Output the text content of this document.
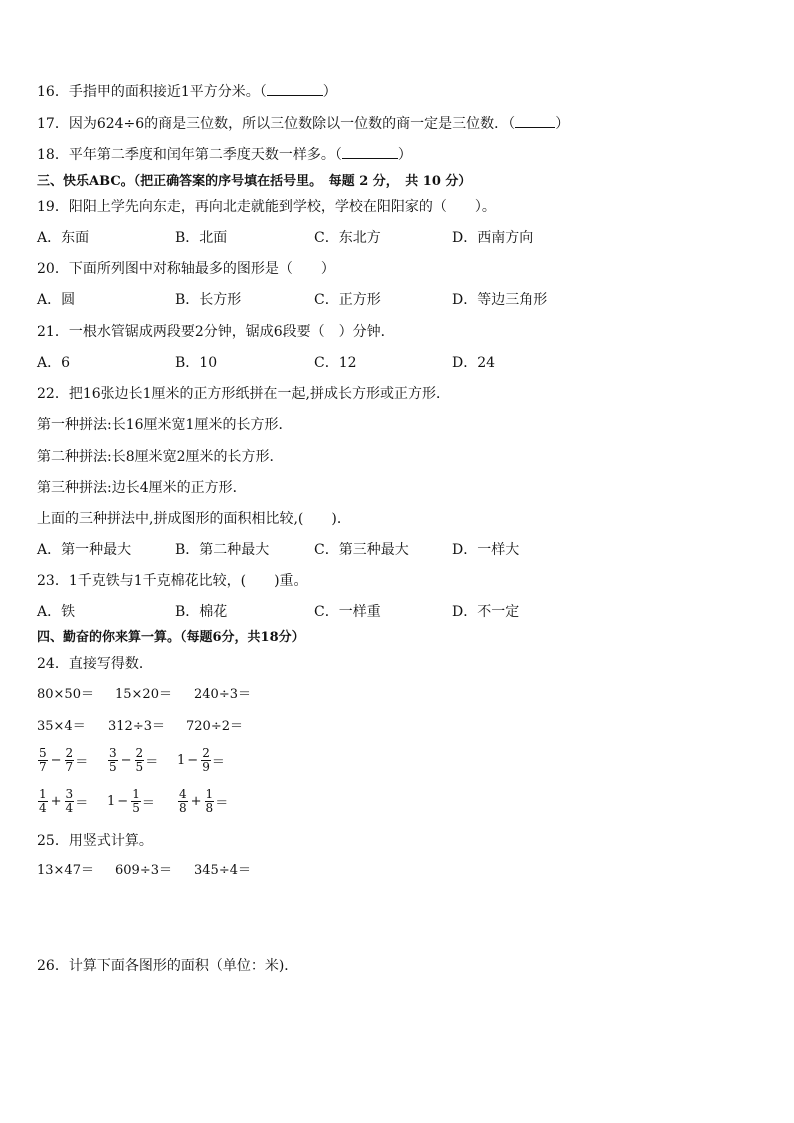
16．手指甲的面积接近1平方分米。（	）
17．因为624÷6的商是三位数，所以三位数除以一位数的商一定是三位数．（	）
18．平年第二季度和闰年第二季度天数一样多。（	）
三、快乐ABC。（把正确答案的序号填在括号里。　每题 2 分，　共 10 分）
19．阳阳上学先向东走，再向北走就能到学校，学校在阳阳家的（　　）。
A．东面	B．北面	C．东北方	D．西南方向
20．下面所列图中对称轴最多的图形是（　　）
A．圆	B．长方形	C．正方形	D．等边三角形
21．一根水管锯成两段要2分钟，锯成6段要（　）分钟．
A．6	B．10	C．12	D．24
22．把16张边长1厘米的正方形纸拼在一起,拼成长方形或正方形．
第一种拼法:长16厘米宽1厘米的长方形．
第二种拼法:长8厘米宽2厘米的长方形．
第三种拼法:边长4厘米的正方形．
上面的三种拼法中,拼成图形的面积相比较,(　　)．
A．第一种最大	B．第二种最大	C．第三种最大	D．一样大
23．1千克铁与1千克棉花比较，(　　)重。
A．铁	B．棉花	C．一样重	D．不一定
四、勤奋的你来算一算。（每题6分，共18分）
24．直接写得数．
80×50＝ 15×20＝ 240÷3＝
35×4＝ 312÷3＝ 720÷2＝
$\frac{5}{7} - \frac{2}{7} = \frac{3}{5} - \frac{2}{5} = 1 - \frac{2}{9}$ ＝
$\frac{1}{4} + \frac{3}{4} = 1 - \frac{1}{5} = \frac{4}{8} + \frac{1}{8}$ ＝
25．用竖式计算。
13×47＝ 609÷3＝ 345÷4＝
26．计算下面各图形的面积（单位：米)．
